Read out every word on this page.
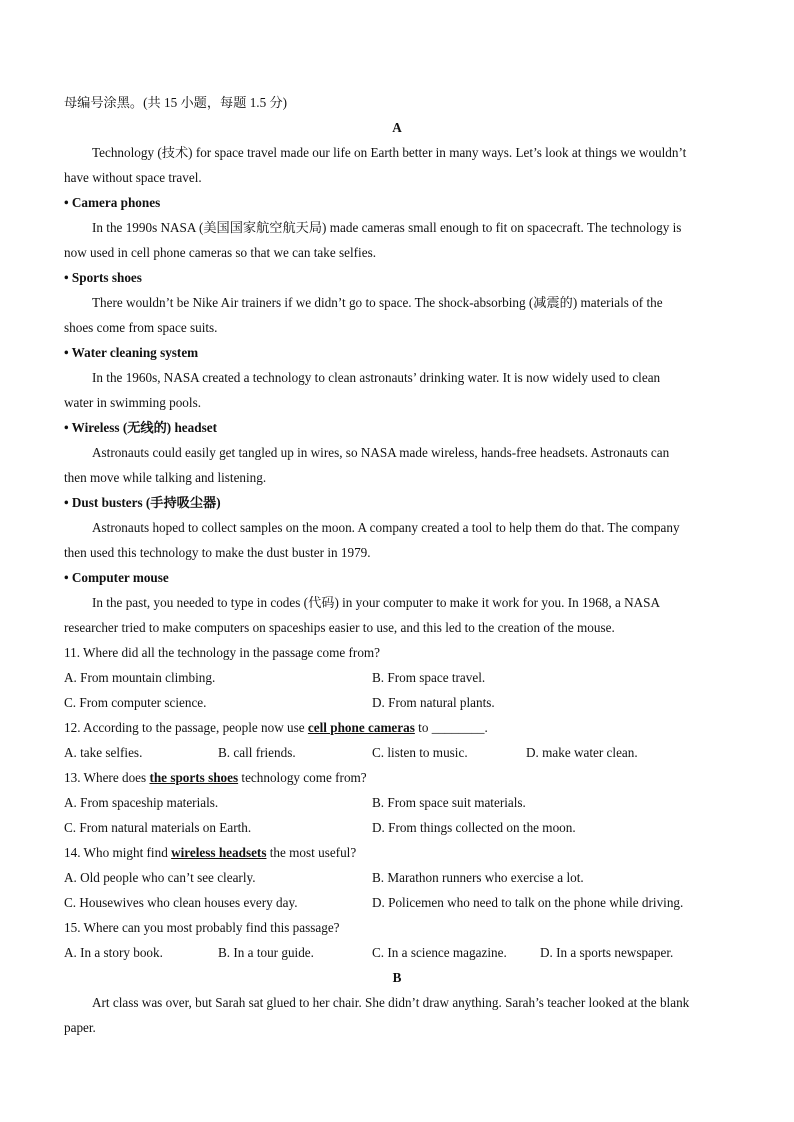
母编号涂黑。(共 15 小题，每题 1.5 分)
A
Technology (技术) for space travel made our life on Earth better in many ways. Let’s look at things we wouldn’t
have without space travel.
• Camera phones
In the 1990s NASA (美国国家航空航天局) made cameras small enough to fit on spacecraft. The technology is
now used in cell phone cameras so that we can take selfies.
• Sports shoes
There wouldn’t be Nike Air trainers if we didn’t go to space. The shock-absorbing (减震的) materials of the
shoes come from space suits.
• Water cleaning system
In the 1960s, NASA created a technology to clean astronauts’ drinking water. It is now widely used to clean
water in swimming pools.
• Wireless (无线的) headset
Astronauts could easily get tangled up in wires, so NASA made wireless, hands-free headsets. Astronauts can
then move while talking and listening.
• Dust busters (手持吸尘器)
Astronauts hoped to collect samples on the moon. A company created a tool to help them do that. The company
then used this technology to make the dust buster in 1979.
• Computer mouse
In the past, you needed to type in codes (代码) in your computer to make it work for you. In 1968, a NASA
researcher tried to make computers on spaceships easier to use, and this led to the creation of the mouse.
11. Where did all the technology in the passage come from?
A. From mountain climbing.	B. From space travel.
C. From computer science.	D. From natural plants.
12. According to the passage, people now use cell phone cameras to ________.
A. take selfies.	B. call friends.	C. listen to music.	D. make water clean.
13. Where does the sports shoes technology come from?
A. From spaceship materials.	B. From space suit materials.
C. From natural materials on Earth.	D. From things collected on the moon.
14. Who might find wireless headsets the most useful?
A. Old people who can’t see clearly.	B. Marathon runners who exercise a lot.
C. Housewives who clean houses every day.	D. Policemen who need to talk on the phone while driving.
15. Where can you most probably find this passage?
A. In a story book.	B. In a tour guide.	C. In a science magazine.	D. In a sports newspaper.
B
Art class was over, but Sarah sat glued to her chair. She didn’t draw anything. Sarah’s teacher looked at the blank
paper.
